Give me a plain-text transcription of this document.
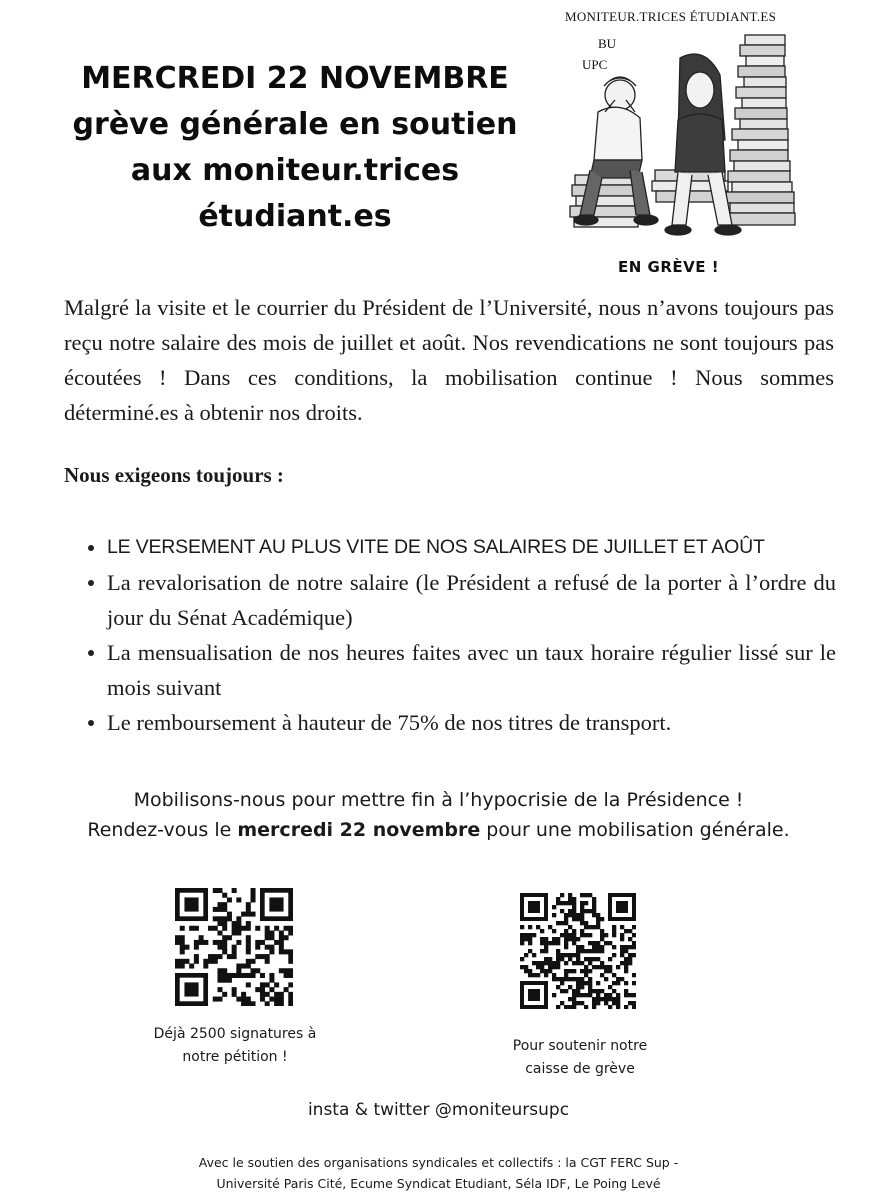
MERCREDI 22 NOVEMBRE
grève générale en soutien
aux moniteur.trices
étudiant.es
MONITEUR.TRICES ÉTUDIANT.ES
BU
UPC
EN GRÈVE !
Malgré la visite et le courrier du Président de l’Université, nous n’avons toujours pas reçu notre salaire des mois de juillet et août. Nos revendications ne sont toujours pas écoutées ! Dans ces conditions, la mobilisation continue ! Nous sommes déterminé.es à obtenir nos droits.
Nous exigeons toujours :
LE VERSEMENT AU PLUS VITE DE NOS SALAIRES DE JUILLET ET AOÛT
La revalorisation de notre salaire (le Président a refusé de la porter à l’ordre du jour du Sénat Académique)
La mensualisation de nos heures faites avec un taux horaire régulier lissé sur le mois suivant
Le remboursement à hauteur de 75% de nos titres de transport.
Mobilisons-nous pour mettre fin à l’hypocrisie de la Présidence !
Rendez-vous le mercredi 22 novembre pour une mobilisation générale.
Déjà 2500 signatures à
notre pétition !
Pour soutenir notre
caisse de grève
insta & twitter @moniteursupc
Avec le soutien des organisations syndicales et collectifs : la CGT FERC Sup -
Université Paris Cité, Ecume Syndicat Etudiant, Séla IDF, Le Poing Levé
